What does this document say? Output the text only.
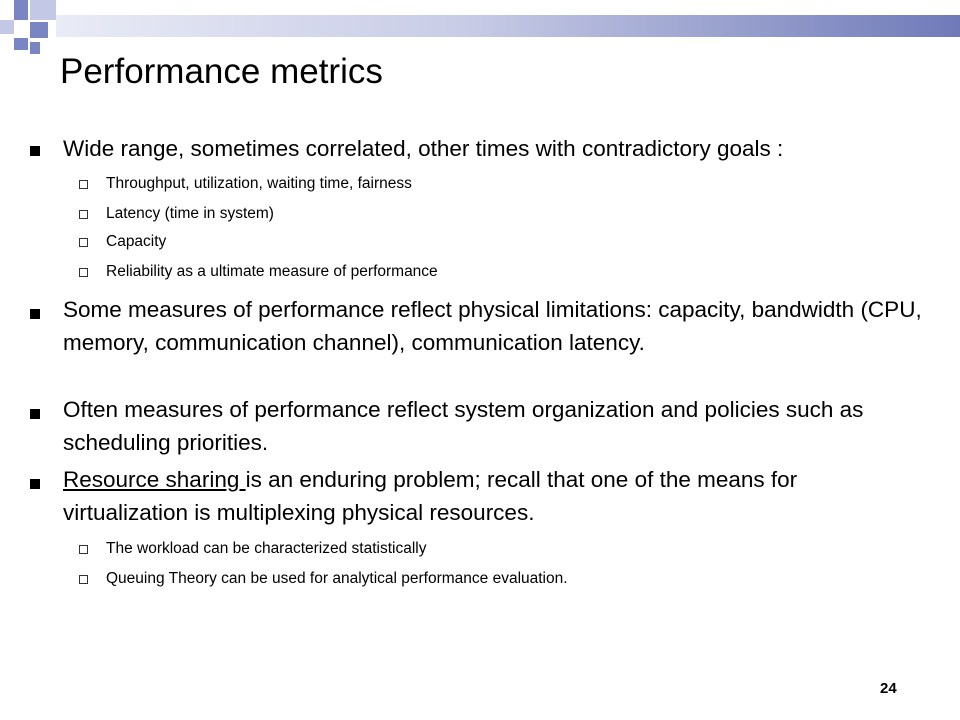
Performance metrics
Wide range, sometimes correlated, other times with contradictory goals :
Throughput, utilization, waiting time, fairness
Latency (time in system)
Capacity
Reliability as a ultimate measure of performance
Some measures of performance reflect physical limitations: capacity, bandwidth (CPU, memory, communication channel), communication latency.
Often measures of performance reflect system organization and policies such as scheduling priorities.
Resource sharing is an enduring problem; recall that one of the means for virtualization is multiplexing physical resources.
The workload can be characterized statistically
Queuing Theory can be used for analytical performance evaluation.
24
